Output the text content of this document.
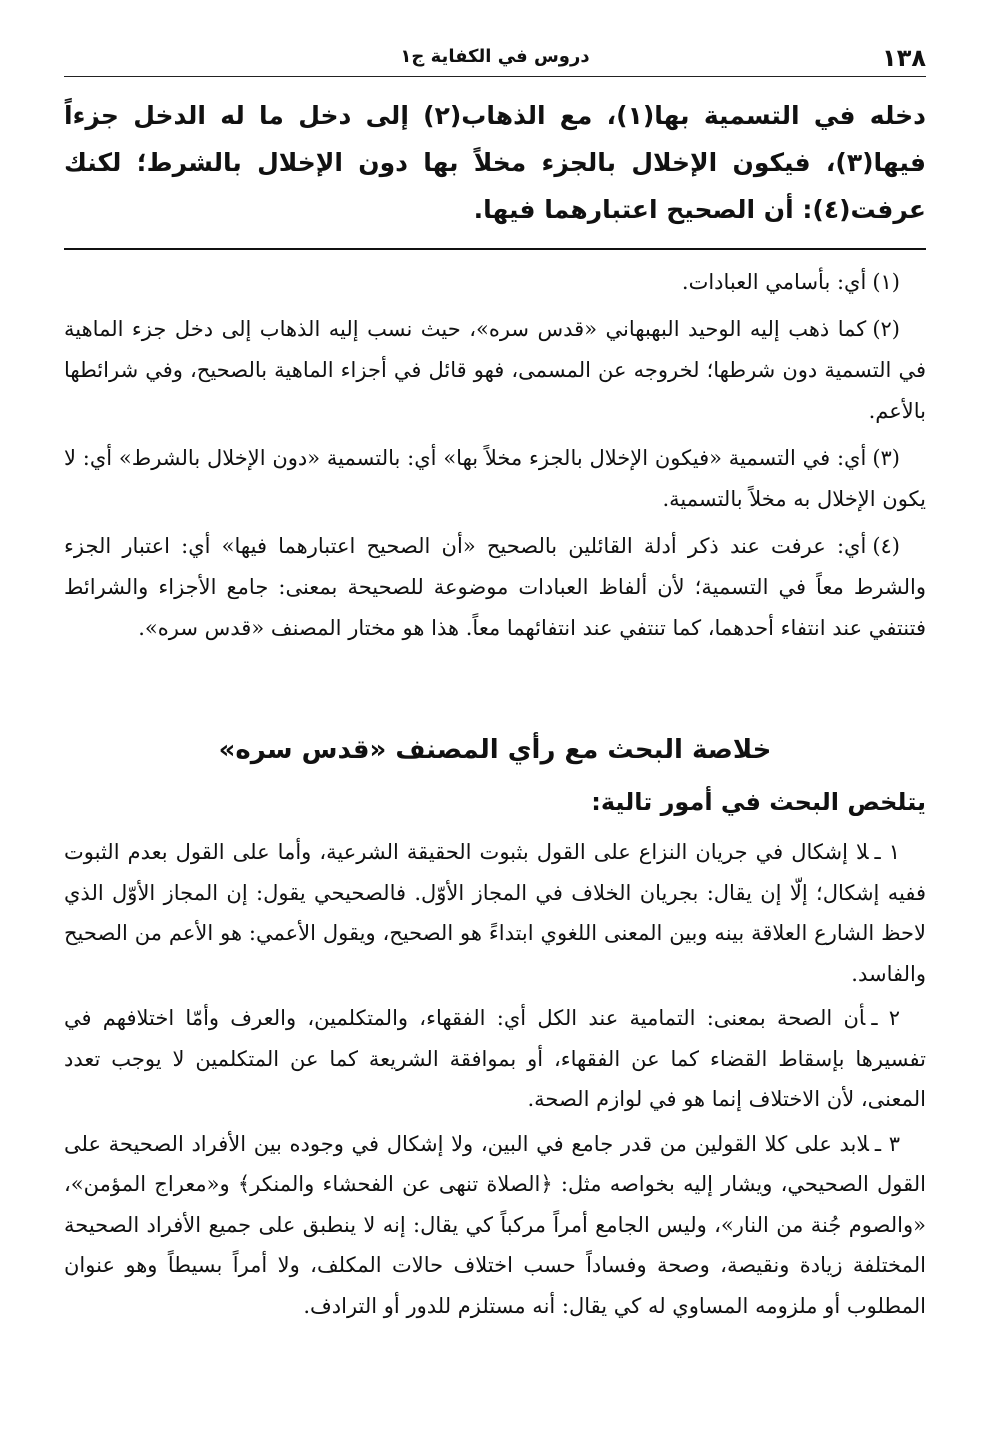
١٣٨
دروس في الكفاية ج١

دخله في التسمية بها(١)، مع الذهاب(٢) إلى دخل ما له الدخل جزءاً فيها(٣)، فيكون الإخلال بالجزء مخلاً بها دون الإخلال بالشرط؛ لكنك عرفت(٤): أن الصحيح اعتبارهما فيها.

(١)أي: بأسامي العبادات.

(٢)كما ذهب إليه الوحيد البهبهاني «قدس سره»، حيث نسب إليه الذهاب إلى دخل جزء الماهية في التسمية دون شرطها؛ لخروجه عن المسمى، فهو قائل في أجزاء الماهية بالصحيح، وفي شرائطها بالأعم.

(٣)أي: في التسمية «فيكون الإخلال بالجزء مخلاً بها» أي: بالتسمية «دون الإخلال بالشرط» أي: لا يكون الإخلال به مخلاً بالتسمية.

(٤)أي: عرفت عند ذكر أدلة القائلين بالصحيح «أن الصحيح اعتبارهما فيها» أي: اعتبار الجزء والشرط معاً في التسمية؛ لأن ألفاظ العبادات موضوعة للصحيحة بمعنى: جامع الأجزاء والشرائط فتنتفي عند انتفاء أحدهما، كما تنتفي عند انتفائهما معاً. هذا هو مختار المصنف «قدس سره».

خلاصة البحث مع رأي المصنف «قدس سره»
يتلخص البحث في أمور تالية:

١ ـلا إشكال في جريان النزاع على القول بثبوت الحقيقة الشرعية، وأما على القول بعدم الثبوت ففيه إشكال؛ إلّا إن يقال: بجريان الخلاف في المجاز الأوّل. فالصحيحي يقول: إن المجاز الأوّل الذي لاحظ الشارع العلاقة بينه وبين المعنى اللغوي ابتداءً هو الصحيح، ويقول الأعمي: هو الأعم من الصحيح والفاسد.

٢ ـأن الصحة بمعنى: التمامية عند الكل أي: الفقهاء، والمتكلمين، والعرف وأمّا اختلافهم في تفسيرها بإسقاط القضاء كما عن الفقهاء، أو بموافقة الشريعة كما عن المتكلمين لا يوجب تعدد المعنى، لأن الاختلاف إنما هو في لوازم الصحة.

٣ ـلابد على كلا القولين من قدر جامع في البين، ولا إشكال في وجوده بين الأفراد الصحيحة على القول الصحيحي، ويشار إليه بخواصه مثل: ﴿الصلاة تنهى عن الفحشاء والمنكر﴾ و«معراج المؤمن»، «والصوم جُنة من النار»، وليس الجامع أمراً مركباً كي يقال: إنه لا ينطبق على جميع الأفراد الصحيحة المختلفة زيادة ونقيصة، وصحة وفساداً حسب اختلاف حالات المكلف، ولا أمراً بسيطاً وهو عنوان المطلوب أو ملزومه المساوي له كي يقال: أنه مستلزم للدور أو الترادف.
